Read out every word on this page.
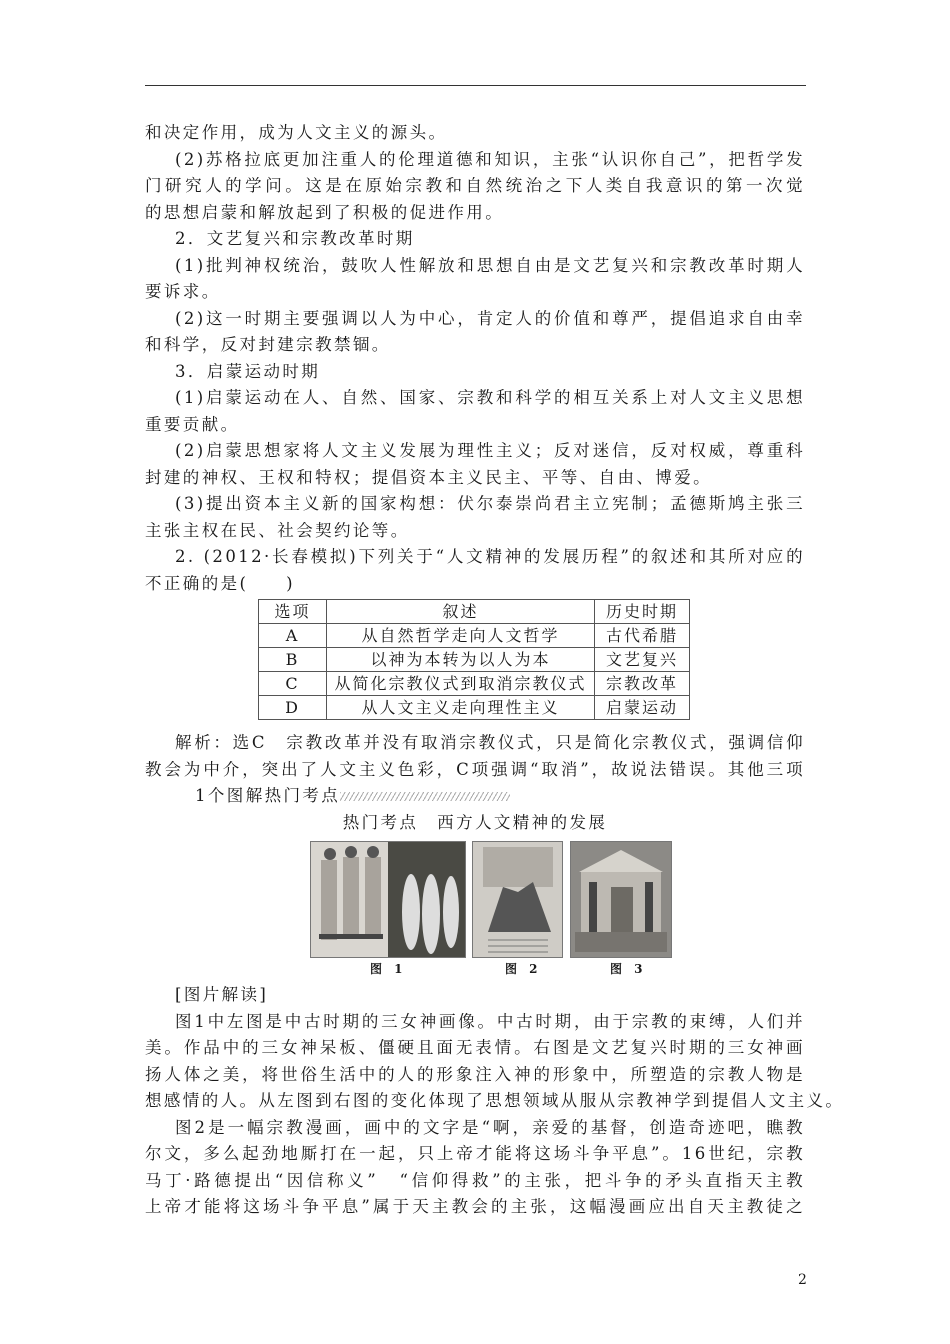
和决定作用，成为人文主义的源头。
(2)苏格拉底更加注重人的伦理道德和知识，主张“认识你自己”，把哲学发
门研究人的学问。这是在原始宗教和自然统治之下人类自我意识的第一次觉
的思想启蒙和解放起到了积极的促进作用。
2．文艺复兴和宗教改革时期
(1)批判神权统治，鼓吹人性解放和思想自由是文艺复兴和宗教改革时期人
要诉求。
(2)这一时期主要强调以人为中心，肯定人的价值和尊严，提倡追求自由幸
和科学，反对封建宗教禁锢。
3．启蒙运动时期
(1)启蒙运动在人、自然、国家、宗教和科学的相互关系上对人文主义思想
重要贡献。
(2)启蒙思想家将人文主义发展为理性主义；反对迷信，反对权威，尊重科
封建的神权、王权和特权；提倡资本主义民主、平等、自由、博爱。
(3)提出资本主义新的国家构想：伏尔泰崇尚君主立宪制；孟德斯鸠主张三
主张主权在民、社会契约论等。
2. (2012·长春模拟)下列关于“人文精神的发展历程”的叙述和其所对应的
不正确的是(　　)
选项	叙述	历史时期
A	从自然哲学走向人文哲学	古代希腊
B	以神为本转为以人为本	文艺复兴
C	从简化宗教仪式到取消宗教仪式	宗教改革
D	从人文主义走向理性主义	启蒙运动
解析：选C　宗教改革并没有取消宗教仪式，只是简化宗教仪式，强调信仰
教会为中介，突出了人文主义色彩，C项强调“取消”，故说法错误。其他三项
1个图解热门考点
热门考点　西方人文精神的发展
图 1	图 2	图 3
[图片解读]
图1中左图是中古时期的三女神画像。中古时期，由于宗教的束缚，人们并
美。作品中的三女神呆板、僵硬且面无表情。右图是文艺复兴时期的三女神画
扬人体之美，将世俗生活中的人的形象注入神的形象中，所塑造的宗教人物是
想感情的人。从左图到右图的变化体现了思想领域从服从宗教神学到提倡人文主义。
图2是一幅宗教漫画，画中的文字是“啊，亲爱的基督，创造奇迹吧，瞧教
尔文，多么起劲地厮打在一起，只上帝才能将这场斗争平息”。16世纪，宗教
马丁·路德提出“因信称义”　“信仰得救”的主张，把斗争的矛头直指天主教
上帝才能将这场斗争平息”属于天主教会的主张，这幅漫画应出自天主教徒之
2
